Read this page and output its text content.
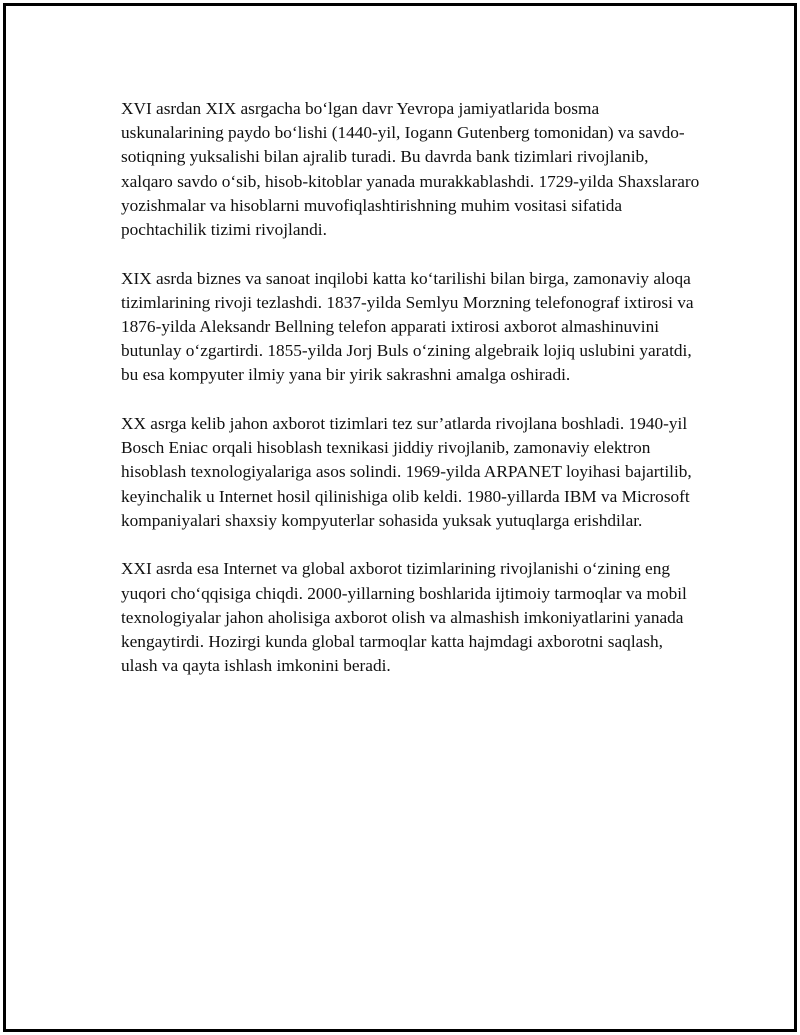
XVI asrdan XIX asrgacha bo‘lgan davr Yevropa jamiyatlarida bosma uskunalarining paydo bo‘lishi (1440-yil, Iogann Gutenberg tomonidan) va savdo-sotiqning yuksalishi bilan ajralib turadi. Bu davrda bank tizimlari rivojlanib, xalqaro savdo o‘sib, hisob-kitoblar yanada murakkablashdi. 1729-yilda Shaxslararo yozishmalar va hisoblarni muvofiqlashtirishning muhim vositasi sifatida pochtachilik tizimi rivojlandi.

XIX asrda biznes va sanoat inqilobi katta ko‘tarilishi bilan birga, zamonaviy aloqa tizimlarining rivoji tezlashdi. 1837-yilda Semlyu Morzning telefonograf ixtirosi va 1876-yilda Aleksandr Bellning telefon apparati ixtirosi axborot almashinuvini butunlay o‘zgartirdi. 1855-yilda Jorj Buls o‘zining algebraik lojiq uslubini yaratdi, bu esa kompyuter ilmiy yana bir yirik sakrashni amalga oshiradi.

XX asrga kelib jahon axborot tizimlari tez sur’atlarda rivojlana boshladi. 1940-yil Bosch Eniac orqali hisoblash texnikasi jiddiy rivojlanib, zamonaviy elektron hisoblash texnologiyalariga asos solindi. 1969-yilda ARPANET loyihasi bajartilib, keyinchalik u Internet hosil qilinishiga olib keldi. 1980-yillarda IBM va Microsoft kompaniyalari shaxsiy kompyuterlar sohasida yuksak yutuqlarga erishdilar.

XXI asrda esa Internet va global axborot tizimlarining rivojlanishi o‘zining eng yuqori cho‘qqisiga chiqdi. 2000-yillarning boshlarida ijtimoiy tarmoqlar va mobil texnologiyalar jahon aholisiga axborot olish va almashish imkoniyatlarini yanada kengaytirdi. Hozirgi kunda global tarmoqlar katta hajmdagi axborotni saqlash, ulash va qayta ishlash imkonini beradi.
